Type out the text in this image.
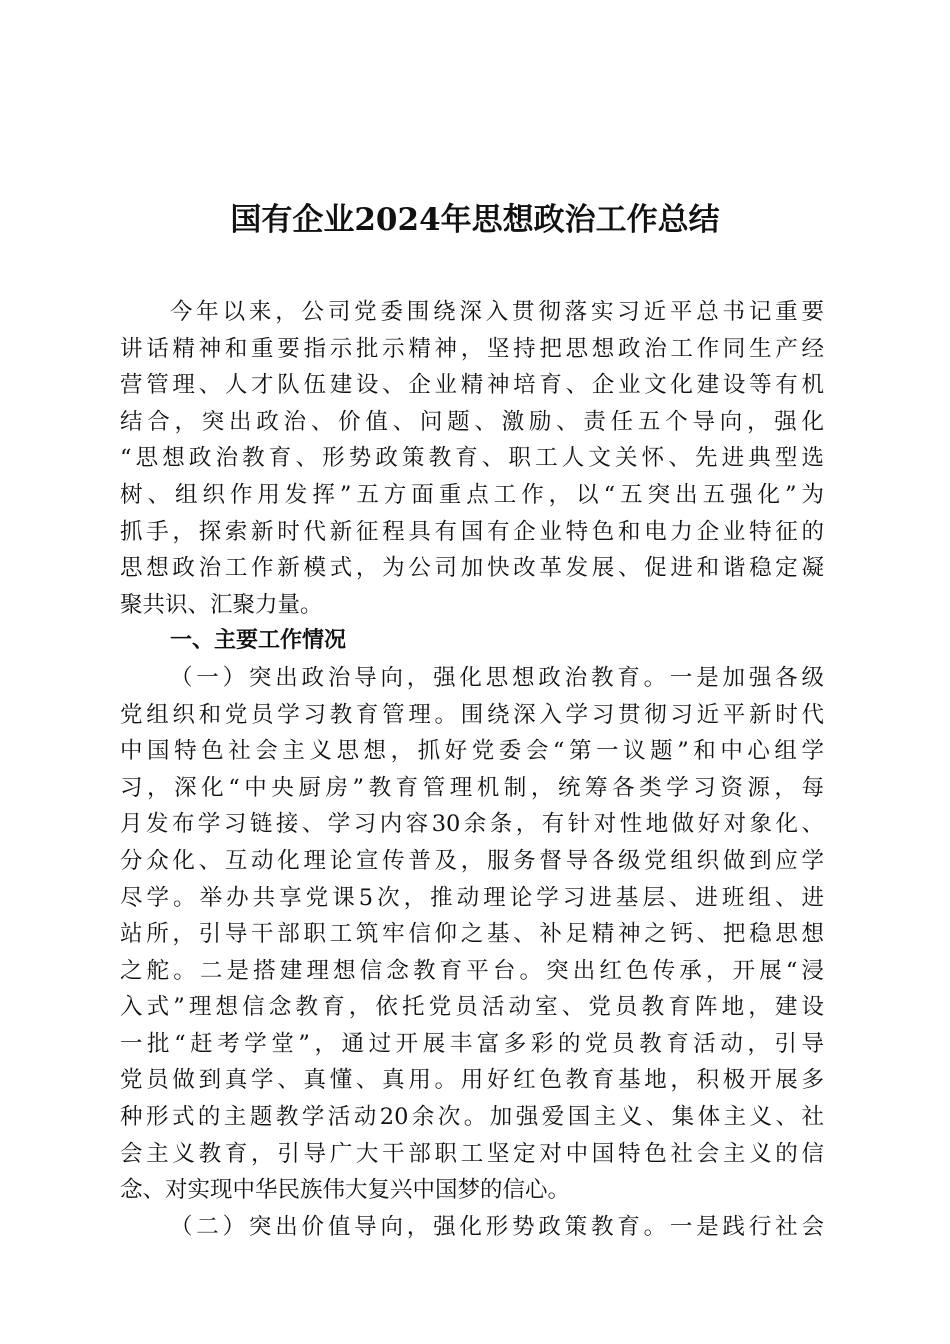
国有企业2024年思想政治工作总结
今年以来，公司党委围绕深入贯彻落实习近平总书记重要
讲话精神和重要指示批示精神，坚持把思想政治工作同生产经
营管理、人才队伍建设、企业精神培育、企业文化建设等有机
结合，突出政治、价值、问题、激励、责任五个导向，强化
“思想政治教育、形势政策教育、职工人文关怀、先进典型选
树、组织作用发挥”五方面重点工作，以“五突出五强化”为
抓手，探索新时代新征程具有国有企业特色和电力企业特征的
思想政治工作新模式，为公司加快改革发展、促进和谐稳定凝
聚共识、汇聚力量。
一、主要工作情况
（一）突出政治导向，强化思想政治教育。一是加强各级
党组织和党员学习教育管理。围绕深入学习贯彻习近平新时代
中国特色社会主义思想，抓好党委会“第一议题”和中心组学
习，深化“中央厨房”教育管理机制，统筹各类学习资源，每
月发布学习链接、学习内容30余条，有针对性地做好对象化、
分众化、互动化理论宣传普及，服务督导各级党组织做到应学
尽学。举办共享党课5次，推动理论学习进基层、进班组、进
站所，引导干部职工筑牢信仰之基、补足精神之钙、把稳思想
之舵。二是搭建理想信念教育平台。突出红色传承，开展“浸
入式”理想信念教育，依托党员活动室、党员教育阵地，建设
一批“赶考学堂”，通过开展丰富多彩的党员教育活动，引导
党员做到真学、真懂、真用。用好红色教育基地，积极开展多
种形式的主题教学活动20余次。加强爱国主义、集体主义、社
会主义教育，引导广大干部职工坚定对中国特色社会主义的信
念、对实现中华民族伟大复兴中国梦的信心。
（二）突出价值导向，强化形势政策教育。一是践行社会
